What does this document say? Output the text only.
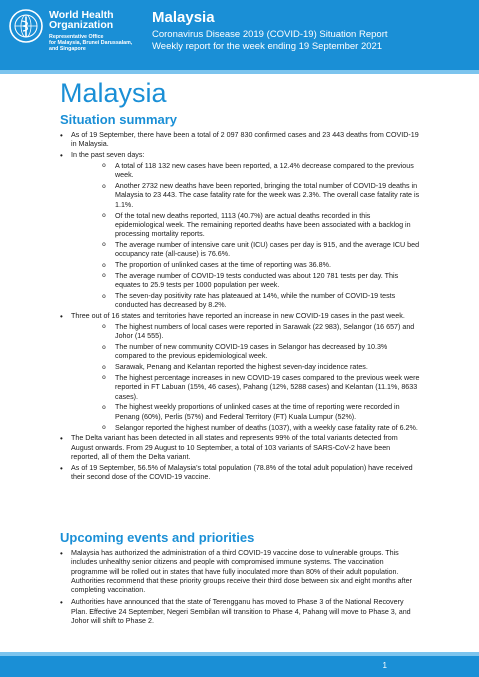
World Health
Organization
Representative Office
for Malaysia, Brunei Darussalam,
and Singapore
Malaysia
Coronavirus Disease 2019 (COVID-19) Situation Report
Weekly report for the week ending 19 September 2021
Malaysia
Situation summary
• As of 19 September, there have been a total of 2 097 830 confirmed cases and 23 443 deaths from COVID-19 in Malaysia.
• In the past seven days:
o A total of 118 132 new cases have been reported, a 12.4% decrease compared to the previous week.
o Another 2732 new deaths have been reported, bringing the total number of COVID-19 deaths in Malaysia to 23 443. The case fatality rate for the week was 2.3%. The overall case fatality rate is 1.1%.
o Of the total new deaths reported, 1113 (40.7%) are actual deaths recorded in this epidemiological week. The remaining reported deaths have been associated with a backlog in processing mortality reports.
o The average number of intensive care unit (ICU) cases per day is 915, and the average ICU bed occupancy rate (all-cause) is 76.6%.
o The proportion of unlinked cases at the time of reporting was 36.8%.
o The average number of COVID-19 tests conducted was about 120 781 tests per day. This equates to 25.9 tests per 1000 population per week.
o The seven-day positivity rate has plateaued at 14%, while the number of COVID-19 tests conducted has decreased by 8.2%.
• Three out of 16 states and territories have reported an increase in new COVID-19 cases in the past week.
o The highest numbers of local cases were reported in Sarawak (22 983), Selangor (16 657) and Johor (14 555).
o The number of new community COVID-19 cases in Selangor has decreased by 10.3% compared to the previous epidemiological week.
o Sarawak, Penang and Kelantan reported the highest seven-day incidence rates.
o The highest percentage increases in new COVID-19 cases compared to the previous week were reported in FT Labuan (15%, 46 cases), Pahang (12%, 5288 cases) and Kelantan (11.1%, 8633 cases).
o The highest weekly proportions of unlinked cases at the time of reporting were recorded in Penang (60%), Perlis (57%) and Federal Territory (FT) Kuala Lumpur (52%).
o Selangor reported the highest number of deaths (1037), with a weekly case fatality rate of 6.2%.
• The Delta variant has been detected in all states and represents 99% of the total variants detected from August onwards. From 29 August to 10 September, a total of 103 variants of SARS-CoV-2 have been reported, all of them the Delta variant.
• As of 19 September, 56.5% of Malaysia’s total population (78.8% of the total adult population) have received their second dose of the COVID-19 vaccine.
Upcoming events and priorities
• Malaysia has authorized the administration of a third COVID-19 vaccine dose to vulnerable groups. This includes unhealthy senior citizens and people with compromised immune systems. The vaccination programme will be rolled out in states that have fully inoculated more than 80% of their adult population. Authorities recommend that these priority groups receive their third dose between six and eight months after completing vaccination.
• Authorities have announced that the state of Terengganu has moved to Phase 3 of the National Recovery Plan. Effective 24 September, Negeri Sembilan will transition to Phase 4, Pahang will move to Phase 3, and Johor will shift to Phase 2.
1
